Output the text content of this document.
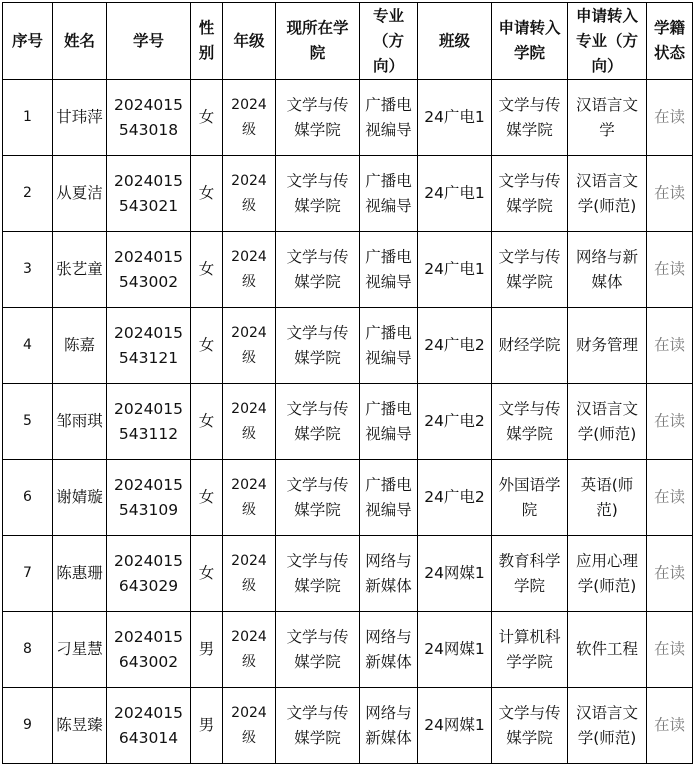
序号	姓名	学号	性别	年级	现所在学院	专业（方向）	班级	申请转入学院	申请转入专业（方向）	学籍状态
1	甘玮萍	2024015543018	女	2024级	文学与传媒学院	广播电视编导	24广电1	文学与传媒学院	汉语言文学	在读
2	从夏洁	2024015543021	女	2024级	文学与传媒学院	广播电视编导	24广电1	文学与传媒学院	汉语言文学(师范)	在读
3	张艺童	2024015543002	女	2024级	文学与传媒学院	广播电视编导	24广电1	文学与传媒学院	网络与新媒体	在读
4	陈嘉	2024015543121	女	2024级	文学与传媒学院	广播电视编导	24广电2	财经学院	财务管理	在读
5	邹雨琪	2024015543112	女	2024级	文学与传媒学院	广播电视编导	24广电2	文学与传媒学院	汉语言文学(师范)	在读
6	谢婧璇	2024015543109	女	2024级	文学与传媒学院	广播电视编导	24广电2	外国语学院	英语(师范)	在读
7	陈惠珊	2024015643029	女	2024级	文学与传媒学院	网络与新媒体	24网媒1	教育科学学院	应用心理学(师范)	在读
8	刁星慧	2024015643002	男	2024级	文学与传媒学院	网络与新媒体	24网媒1	计算机科学学院	软件工程	在读
9	陈昱臻	2024015643014	男	2024级	文学与传媒学院	网络与新媒体	24网媒1	文学与传媒学院	汉语言文学(师范)	在读
